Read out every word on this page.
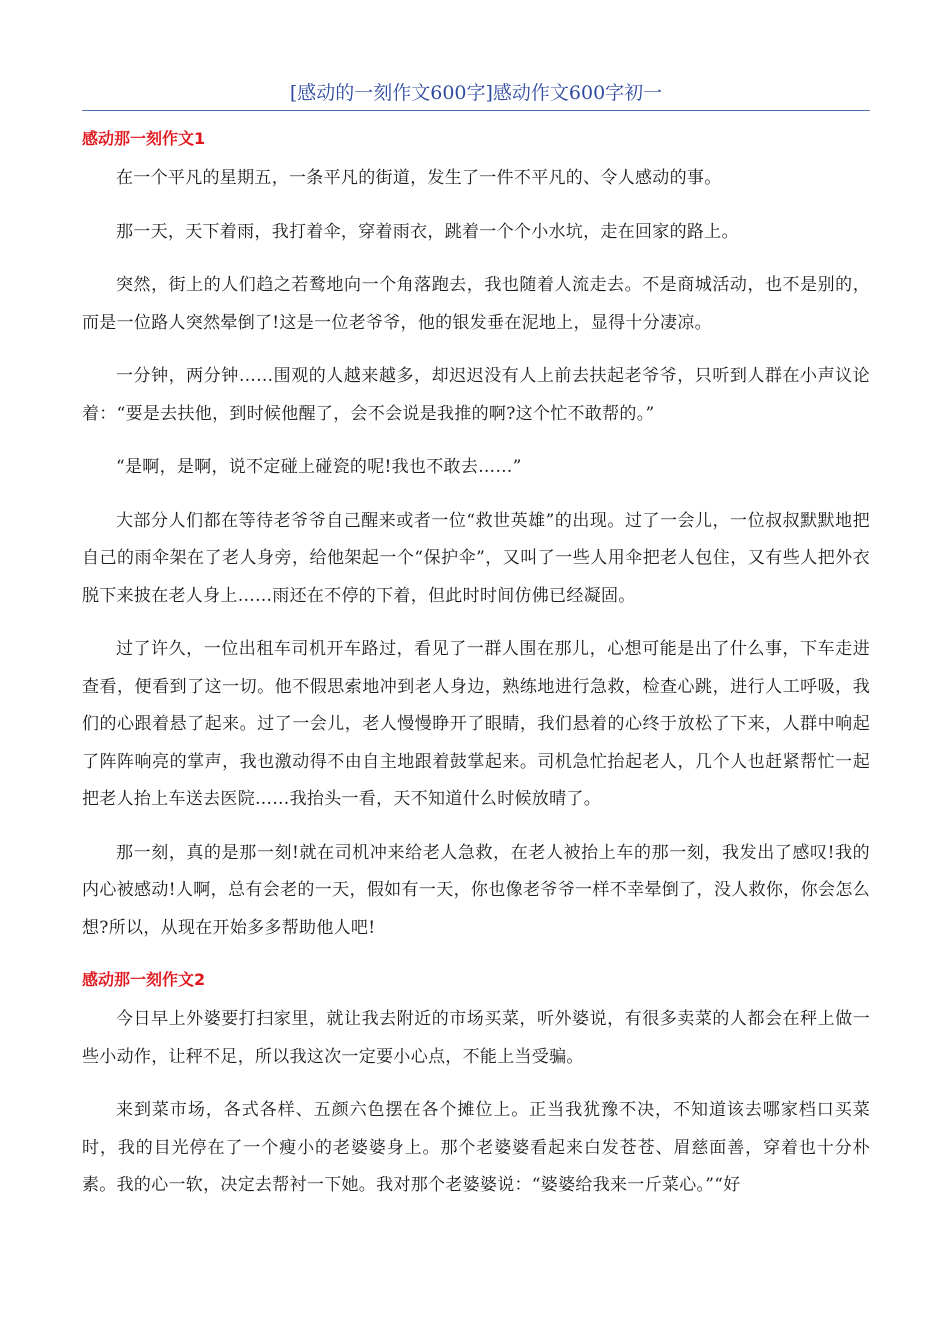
[感动的一刻作文600字]感动作文600字初一
感动那一刻作文1

在一个平凡的星期五，一条平凡的街道，发生了一件不平凡的、令人感动的事。

那一天，天下着雨，我打着伞，穿着雨衣，跳着一个个小水坑，走在回家的路上。

突然，街上的人们趋之若鹜地向一个角落跑去，我也随着人流走去。不是商城活动，也不是别的，而是一位路人突然晕倒了!这是一位老爷爷，他的银发垂在泥地上，显得十分凄凉。

一分钟，两分钟……围观的人越来越多，却迟迟没有人上前去扶起老爷爷，只听到人群在小声议论着：“要是去扶他，到时候他醒了，会不会说是我推的啊?这个忙不敢帮的。”

“是啊，是啊，说不定碰上碰瓷的呢!我也不敢去……”

大部分人们都在等待老爷爷自己醒来或者一位“救世英雄”的出现。过了一会儿，一位叔叔默默地把自己的雨伞架在了老人身旁，给他架起一个“保护伞”，又叫了一些人用伞把老人包住，又有些人把外衣脱下来披在老人身上……雨还在不停的下着，但此时时间仿佛已经凝固。

过了许久，一位出租车司机开车路过，看见了一群人围在那儿，心想可能是出了什么事，下车走进查看，便看到了这一切。他不假思索地冲到老人身边，熟练地进行急救，检查心跳，进行人工呼吸，我们的心跟着悬了起来。过了一会儿，老人慢慢睁开了眼睛，我们悬着的心终于放松了下来，人群中响起了阵阵响亮的掌声，我也激动得不由自主地跟着鼓掌起来。司机急忙抬起老人，几个人也赶紧帮忙一起把老人抬上车送去医院……我抬头一看，天不知道什么时候放晴了。

那一刻，真的是那一刻!就在司机冲来给老人急救，在老人被抬上车的那一刻，我发出了感叹!我的内心被感动!人啊，总有会老的一天，假如有一天，你也像老爷爷一样不幸晕倒了，没人救你，你会怎么想?所以，从现在开始多多帮助他人吧!

感动那一刻作文2

今日早上外婆要打扫家里，就让我去附近的市场买菜，听外婆说，有很多卖菜的人都会在秤上做一些小动作，让秤不足，所以我这次一定要小心点，不能上当受骗。

来到菜市场，各式各样、五颜六色摆在各个摊位上。正当我犹豫不决，不知道该去哪家档口买菜时，我的目光停在了一个瘦小的老婆婆身上。那个老婆婆看起来白发苍苍、眉慈面善，穿着也十分朴素。我的心一软，决定去帮衬一下她。我对那个老婆婆说：“婆婆给我来一斤菜心。”“好
